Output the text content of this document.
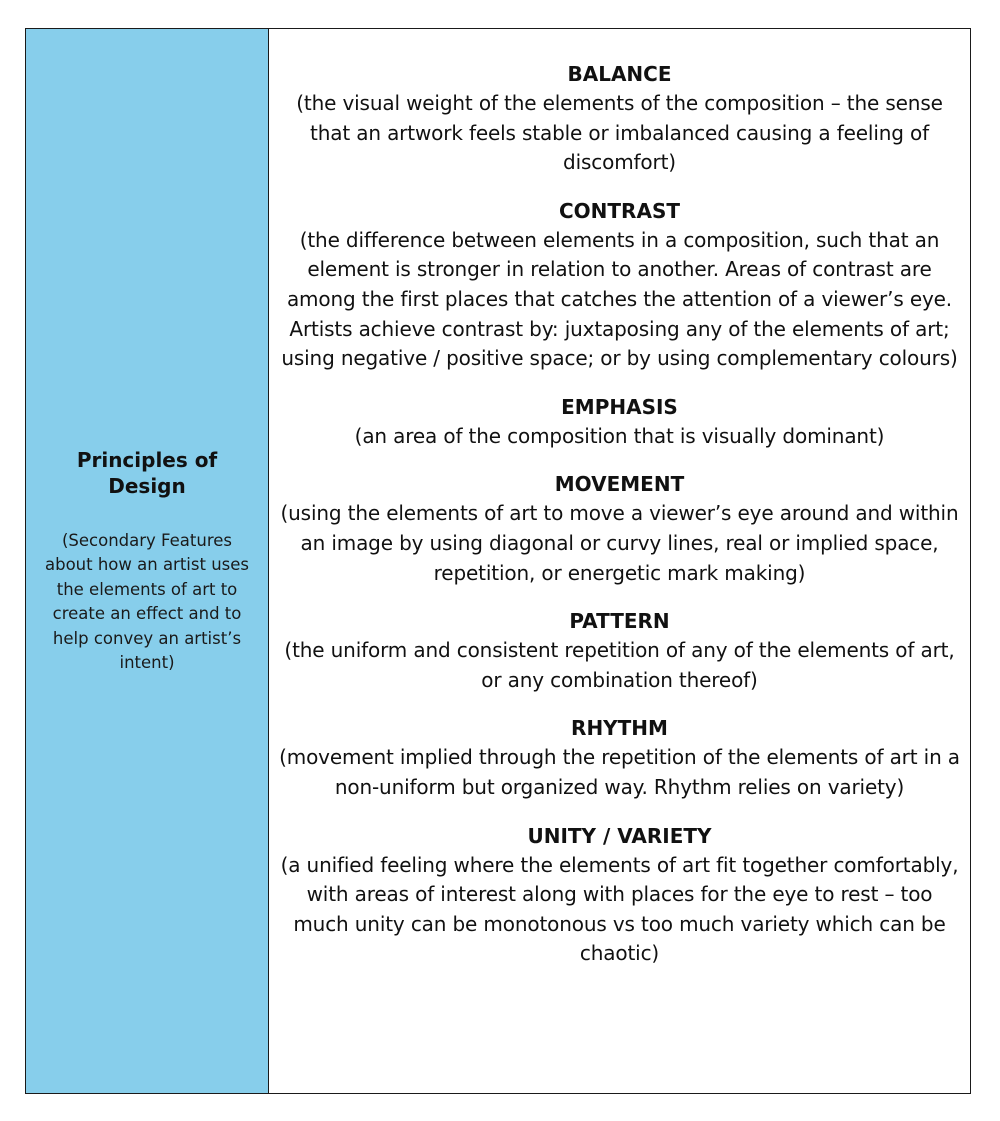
Principles of Design

(Secondary Features about how an artist uses the elements of art to create an effect and to help convey an artist’s intent)

BALANCE

(the visual weight of the elements of the composition – the sense that an artwork feels stable or imbalanced causing a feeling of discomfort)

CONTRAST

(the difference between elements in a composition, such that an element is stronger in relation to another. Areas of contrast are among the first places that catches the attention of a viewer’s eye. Artists achieve contrast by: juxtaposing any of the elements of art; using negative / positive space; or by using complementary colours)

EMPHASIS

(an area of the composition that is visually dominant)

MOVEMENT

(using the elements of art to move a viewer’s eye around and within an image by using diagonal or curvy lines, real or implied space, repetition, or energetic mark making)

PATTERN

(the uniform and consistent repetition of any of the elements of art, or any combination thereof)

RHYTHM

(movement implied through the repetition of the elements of art in a non-uniform but organized way. Rhythm relies on variety)

UNITY / VARIETY

(a unified feeling where the elements of art fit together comfortably, with areas of interest along with places for the eye to rest – too much unity can be monotonous vs too much variety which can be chaotic)
